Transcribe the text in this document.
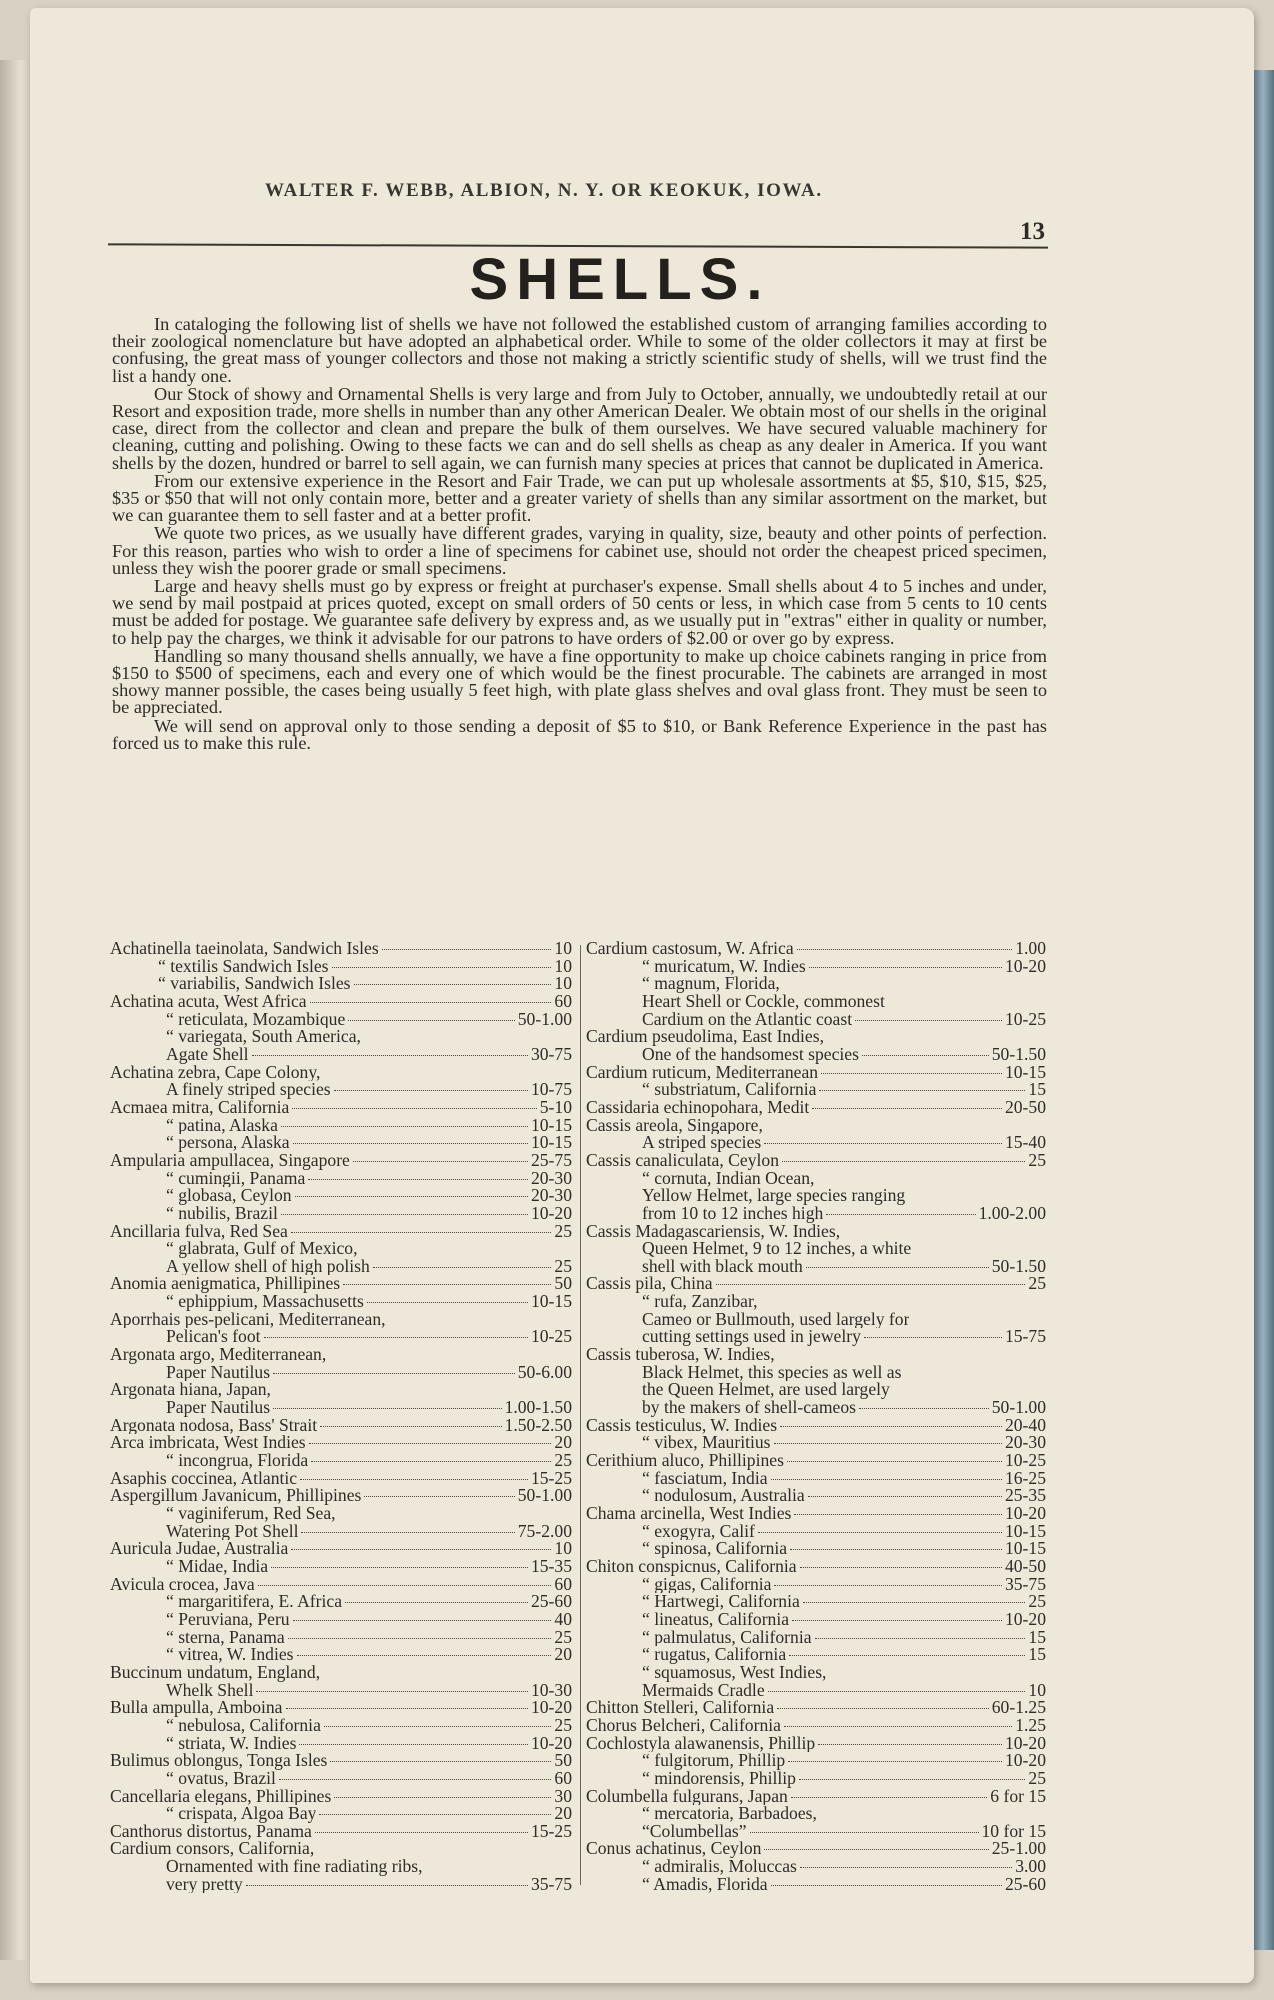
WALTER F. WEBB, ALBION, N. Y. OR KEOKUK, IOWA.
13
SHELLS.

In cataloging the following list of shells we have not followed the established custom of arranging families according to their zoological nomenclature but have adopted an alphabetical order. While to some of the older collectors it may at first be confusing, the great mass of younger collectors and those not making a strictly scientific study of shells, will we trust find the list a handy one.

Our Stock of showy and Ornamental Shells is very large and from July to October, annually, we undoubtedly retail at our Resort and exposition trade, more shells in number than any other American Dealer. We obtain most of our shells in the original case, direct from the collector and clean and prepare the bulk of them ourselves. We have secured valuable machinery for cleaning, cutting and polishing. Owing to these facts we can and do sell shells as cheap as any dealer in America. If you want shells by the dozen, hundred or barrel to sell again, we can furnish many species at prices that cannot be duplicated in America.

From our extensive experience in the Resort and Fair Trade, we can put up wholesale assortments at $5, $10, $15, $25, $35 or $50 that will not only contain more, better and a greater variety of shells than any similar assortment on the market, but we can guarantee them to sell faster and at a better profit.

We quote two prices, as we usually have different grades, varying in quality, size, beauty and other points of perfection. For this reason, parties who wish to order a line of specimens for cabinet use, should not order the cheapest priced specimen, unless they wish the poorer grade or small specimens.

Large and heavy shells must go by express or freight at purchaser's expense. Small shells about 4 to 5 inches and under, we send by mail postpaid at prices quoted, except on small orders of 50 cents or less, in which case from 5 cents to 10 cents must be added for postage. We guarantee safe delivery by express and, as we usually put in "extras" either in quality or number, to help pay the charges, we think it advisable for our patrons to have orders of $2.00 or over go by express.

Handling so many thousand shells annually, we have a fine opportunity to make up choice cabinets ranging in price from $150 to $500 of specimens, each and every one of which would be the finest procurable. The cabinets are arranged in most showy manner possible, the cases being usually 5 feet high, with plate glass shelves and oval glass front. They must be seen to be appreciated.

We will send on approval only to those sending a deposit of $5 to $10, or Bank Reference Experience in the past has forced us to make this rule.

Achatinella taeinolata, Sandwich Isles	10
“ textilis Sandwich Isles	10
“ variabilis, Sandwich Isles	10
Achatina acuta, West Africa	60
“ reticulata, Mozambique	50-1.00
“ variegata, South America,
Agate Shell	30-75
Achatina zebra, Cape Colony,
A finely striped species	10-75
Acmaea mitra, California	5-10
“ patina, Alaska	10-15
“ persona, Alaska	10-15
Ampularia ampullacea, Singapore	25-75
“ cumingii, Panama	20-30
“ globasa, Ceylon	20-30
“ nubilis, Brazil	10-20
Ancillaria fulva, Red Sea	25
“ glabrata, Gulf of Mexico,
A yellow shell of high polish	25
Anomia aenigmatica, Phillipines	50
“ ephippium, Massachusetts	10-15
Aporrhais pes-pelicani, Mediterranean,
Pelican's foot	10-25
Argonata argo, Mediterranean,
Paper Nautilus	50-6.00
Argonata hiana, Japan,
Paper Nautilus	1.00-1.50
Argonata nodosa, Bass' Strait	1.50-2.50
Arca imbricata, West Indies	20
“ incongrua, Florida	25
Asaphis coccinea, Atlantic	15-25
Aspergillum Javanicum, Phillipines	50-1.00
“ vaginiferum, Red Sea,
Watering Pot Shell	75-2.00
Auricula Judae, Australia	10
“ Midae, India	15-35
Avicula crocea, Java	60
“ margaritifera, E. Africa	25-60
“ Peruviana, Peru	40
“ sterna, Panama	25
“ vitrea, W. Indies	20
Buccinum undatum, England,
Whelk Shell	10-30
Bulla ampulla, Amboina	10-20
“ nebulosa, California	25
“ striata, W. Indies	10-20
Bulimus oblongus, Tonga Isles	50
“ ovatus, Brazil	60
Cancellaria elegans, Phillipines	30
“ crispata, Algoa Bay	20
Canthorus distortus, Panama	15-25
Cardium consors, California,
Ornamented with fine radiating ribs,
very pretty	35-75
Cardium castosum, W. Africa	1.00
“ muricatum, W. Indies	10-20
“ magnum, Florida,
Heart Shell or Cockle, commonest
Cardium on the Atlantic coast	10-25
Cardium pseudolima, East Indies,
One of the handsomest species	50-1.50
Cardium ruticum, Mediterranean	10-15
“ substriatum, California	15
Cassidaria echinopohara, Medit	20-50
Cassis areola, Singapore,
A striped species	15-40
Cassis canaliculata, Ceylon	25
“ cornuta, Indian Ocean,
Yellow Helmet, large species ranging
from 10 to 12 inches high	1.00-2.00
Cassis Madagascariensis, W. Indies,
Queen Helmet, 9 to 12 inches, a white
shell with black mouth	50-1.50
Cassis pila, China	25
“ rufa, Zanzibar,
Cameo or Bullmouth, used largely for
cutting settings used in jewelry	15-75
Cassis tuberosa, W. Indies,
Black Helmet, this species as well as
the Queen Helmet, are used largely
by the makers of shell-cameos	50-1.00
Cassis testiculus, W. Indies	20-40
“ vibex, Mauritius	20-30
Cerithium aluco, Phillipines	10-25
“ fasciatum, India	16-25
“ nodulosum, Australia	25-35
Chama arcinella, West Indies	10-20
“ exogyra, Calif	10-15
“ spinosa, California	10-15
Chiton conspicnus, California	40-50
“ gigas, California	35-75
“ Hartwegi, California	25
“ lineatus, California	10-20
“ palmulatus, California	15
“ rugatus, California	15
“ squamosus, West Indies,
Mermaids Cradle	10
Chitton Stelleri, California	60-1.25
Chorus Belcheri, California	1.25
Cochlostyla alawanensis, Phillip	10-20
“ fulgitorum, Phillip	10-20
“ mindorensis, Phillip	25
Columbella fulgurans, Japan	6 for 15
“ mercatoria, Barbadoes,
“Columbellas”	10 for 15
Conus achatinus, Ceylon	25-1.00
“ admiralis, Moluccas	3.00
“ Amadis, Florida	25-60
